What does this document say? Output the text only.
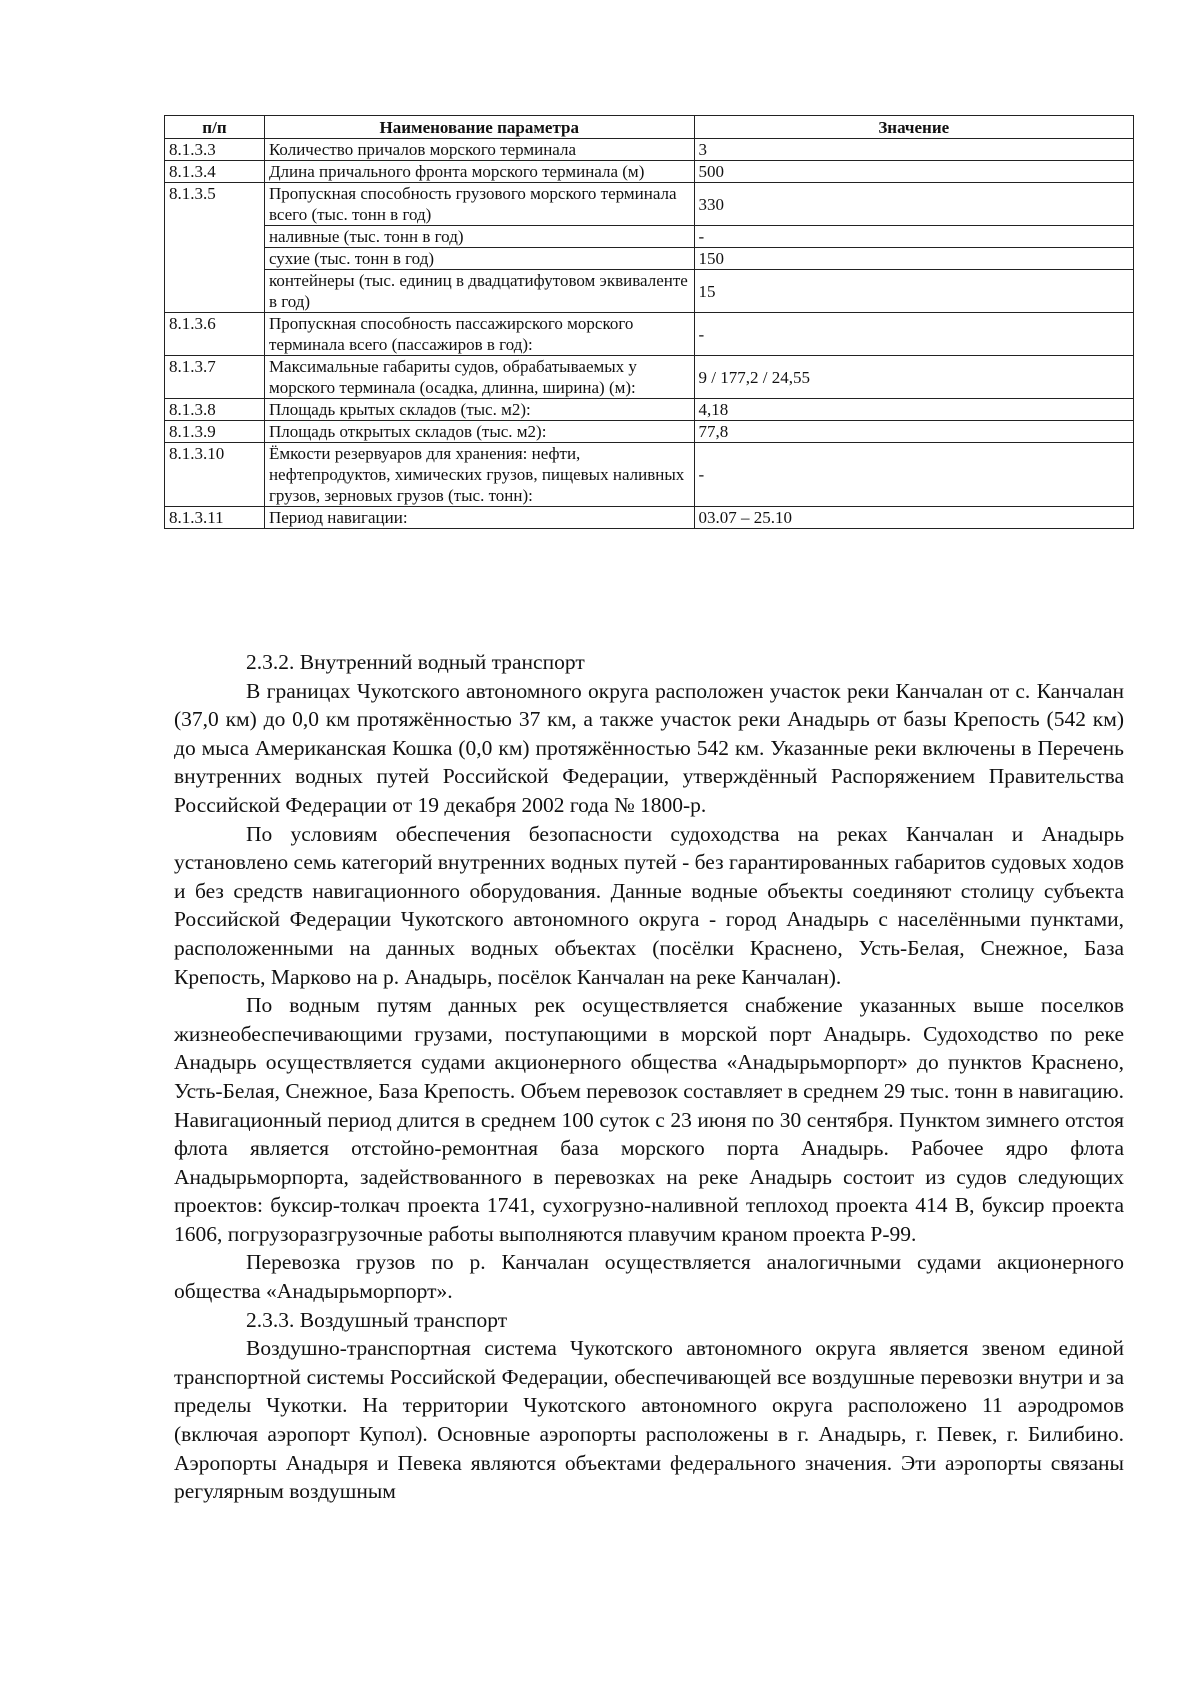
п/п	Наименование параметра	Значение
8.1.3.3	Количество причалов морского терминала	3
8.1.3.4	Длина причального фронта морского терминала (м)	500
8.1.3.5	Пропускная способность грузового морского терминала всего (тыс. тонн в год)	330
	наливные (тыс. тонн в год)	-
	сухие (тыс. тонн в год)	150
	контейнеры (тыс. единиц в двадцатифутовом эквиваленте в год)	15
8.1.3.6	Пропускная способность пассажирского морского терминала всего (пассажиров в год):	-
8.1.3.7	Максимальные габариты судов, обрабатываемых у морского терминала (осадка, длинна, ширина) (м):	9 / 177,2 / 24,55
8.1.3.8	Площадь крытых складов (тыс. м2):	4,18
8.1.3.9	Площадь открытых складов (тыс. м2):	77,8
8.1.3.10	Ёмкости резервуаров для хранения: нефти, нефтепродуктов, химических грузов, пищевых наливных грузов, зерновых грузов (тыс. тонн):	-
8.1.3.11	Период навигации:	03.07 – 25.10

2.3.2. Внутренний водный транспорт

В границах Чукотского автономного округа расположен участок реки Канчалан от с. Канчалан (37,0 км) до 0,0 км протяжённостью 37 км, а также участок реки Анадырь от базы Крепость (542 км) до мыса Американская Кошка (0,0 км) протяжённостью 542 км. Указанные реки включены в Перечень внутренних водных путей Российской Федерации, утверждённый Распоряжением Правительства Российской Федерации от 19 декабря 2002 года № 1800-р.

По условиям обеспечения безопасности судоходства на реках Канчалан и Анадырь установлено семь категорий внутренних водных путей - без гарантированных габаритов судовых ходов и без средств навигационного оборудования. Данные водные объекты соединяют столицу субъекта Российской Федерации Чукотского автономного округа - город Анадырь с населёнными пунктами, расположенными на данных водных объектах (посёлки Краснено, Усть-Белая, Снежное, База Крепость, Марково на р. Анадырь, посёлок Канчалан на реке Канчалан).

По водным путям данных рек осуществляется снабжение указанных выше поселков жизнеобеспечивающими грузами, поступающими в морской порт Анадырь. Судоходство по реке Анадырь осуществляется судами акционерного общества «Анадырьморпорт» до пунктов Краснено, Усть-Белая, Снежное, База Крепость. Объем перевозок составляет в среднем 29 тыс. тонн в навигацию. Навигационный период длится в среднем 100 суток с 23 июня по 30 сентября. Пунктом зимнего отстоя флота является отстойно-ремонтная база морского порта Анадырь. Рабочее ядро флота Анадырьморпорта, задействованного в перевозках на реке Анадырь состоит из судов следующих проектов: буксир-толкач проекта 1741, сухогрузно-наливной теплоход проекта 414 В, буксир проекта 1606, погрузоразгрузочные работы выполняются плавучим краном проекта Р-99.

Перевозка грузов по р. Канчалан осуществляется аналогичными судами акционерного общества «Анадырьморпорт».

2.3.3. Воздушный транспорт

Воздушно-транспортная система Чукотского автономного округа является звеном единой транспортной системы Российской Федерации, обеспечивающей все воздушные перевозки внутри и за пределы Чукотки. На территории Чукотского автономного округа расположено 11 аэродромов (включая аэропорт Купол). Основные аэропорты расположены в г. Анадырь, г. Певек, г. Билибино. Аэропорты Анадыря и Певека являются объектами федерального значения. Эти аэропорты связаны регулярным воздушным
